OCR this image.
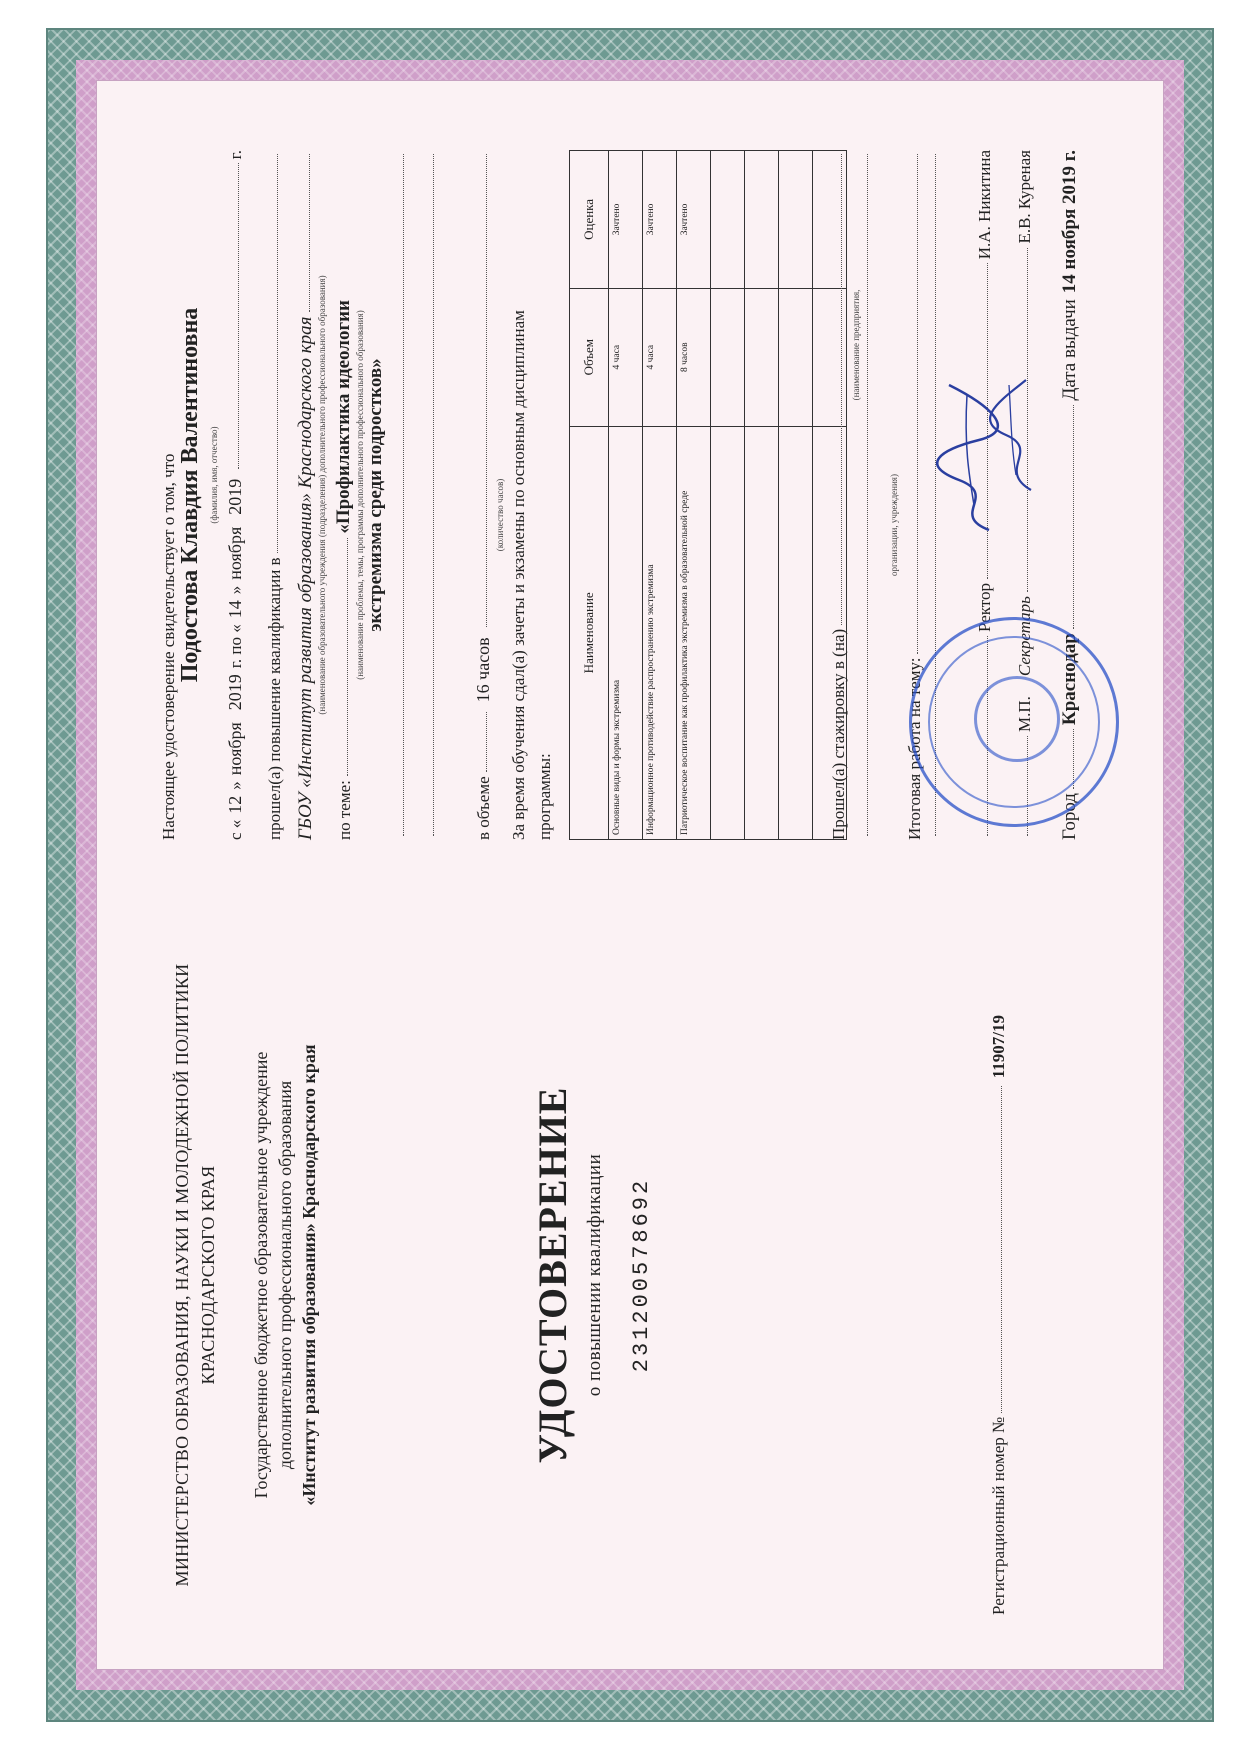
МИНИСТЕРСТВО ОБРАЗОВАНИЯ, НАУКИ И МОЛОДЕЖНОЙ ПОЛИТИКИ КРАСНОДАРСКОГО КРАЯ Государственное бюджетное образовательное учреждение дополнительного профессионального образования «Институт развития образования» Краснодарского края	УДОСТОВЕРЕНИЕ о повышении квалификации 231200578692
Регистрационный номер №
11907/19
Настоящее удостоверение свидетельствует о том, что Подостова Клавдия Валентиновна (фамилия, имя, отчество)
с «
12
»
ноября
2019
г. по «
14
»
ноября
2019
г.
прошел(а) повышение квалификации в ГБОУ «Институт развития образования» Краснодарского края (наименование образовательного учреждения (подразделения) дополнительного профессионального образования)
по теме:
«Профилактика идеологии (наименование проблемы, темы, программы дополнительного профессионального образования) экстремизма среди подростков»
в объеме
16 часов
(количество часов) За время обучения сдал(а) зачеты и экзамены по основным дисциплинам программы:
Наименование	Объем	Оценка
Основные виды и формы экстремизма	4 часа	Зачтено
Информационное противодействие распространению экстремизма	4 часа	Зачтено
Патриотическое воспитание как профилактика экстремизма в образовательной среде	8 часов	Зачтено

Прошел(а) стажировку в (на)
(наименование предприятия,
организации, учреждения)
Итоговая работа на тему:
Ректор
И.А. Никитина
М.П.
Секретарь
Е.В. Куреная
Город
Краснодар
Дата выдачи
14 ноября 2019 г.
